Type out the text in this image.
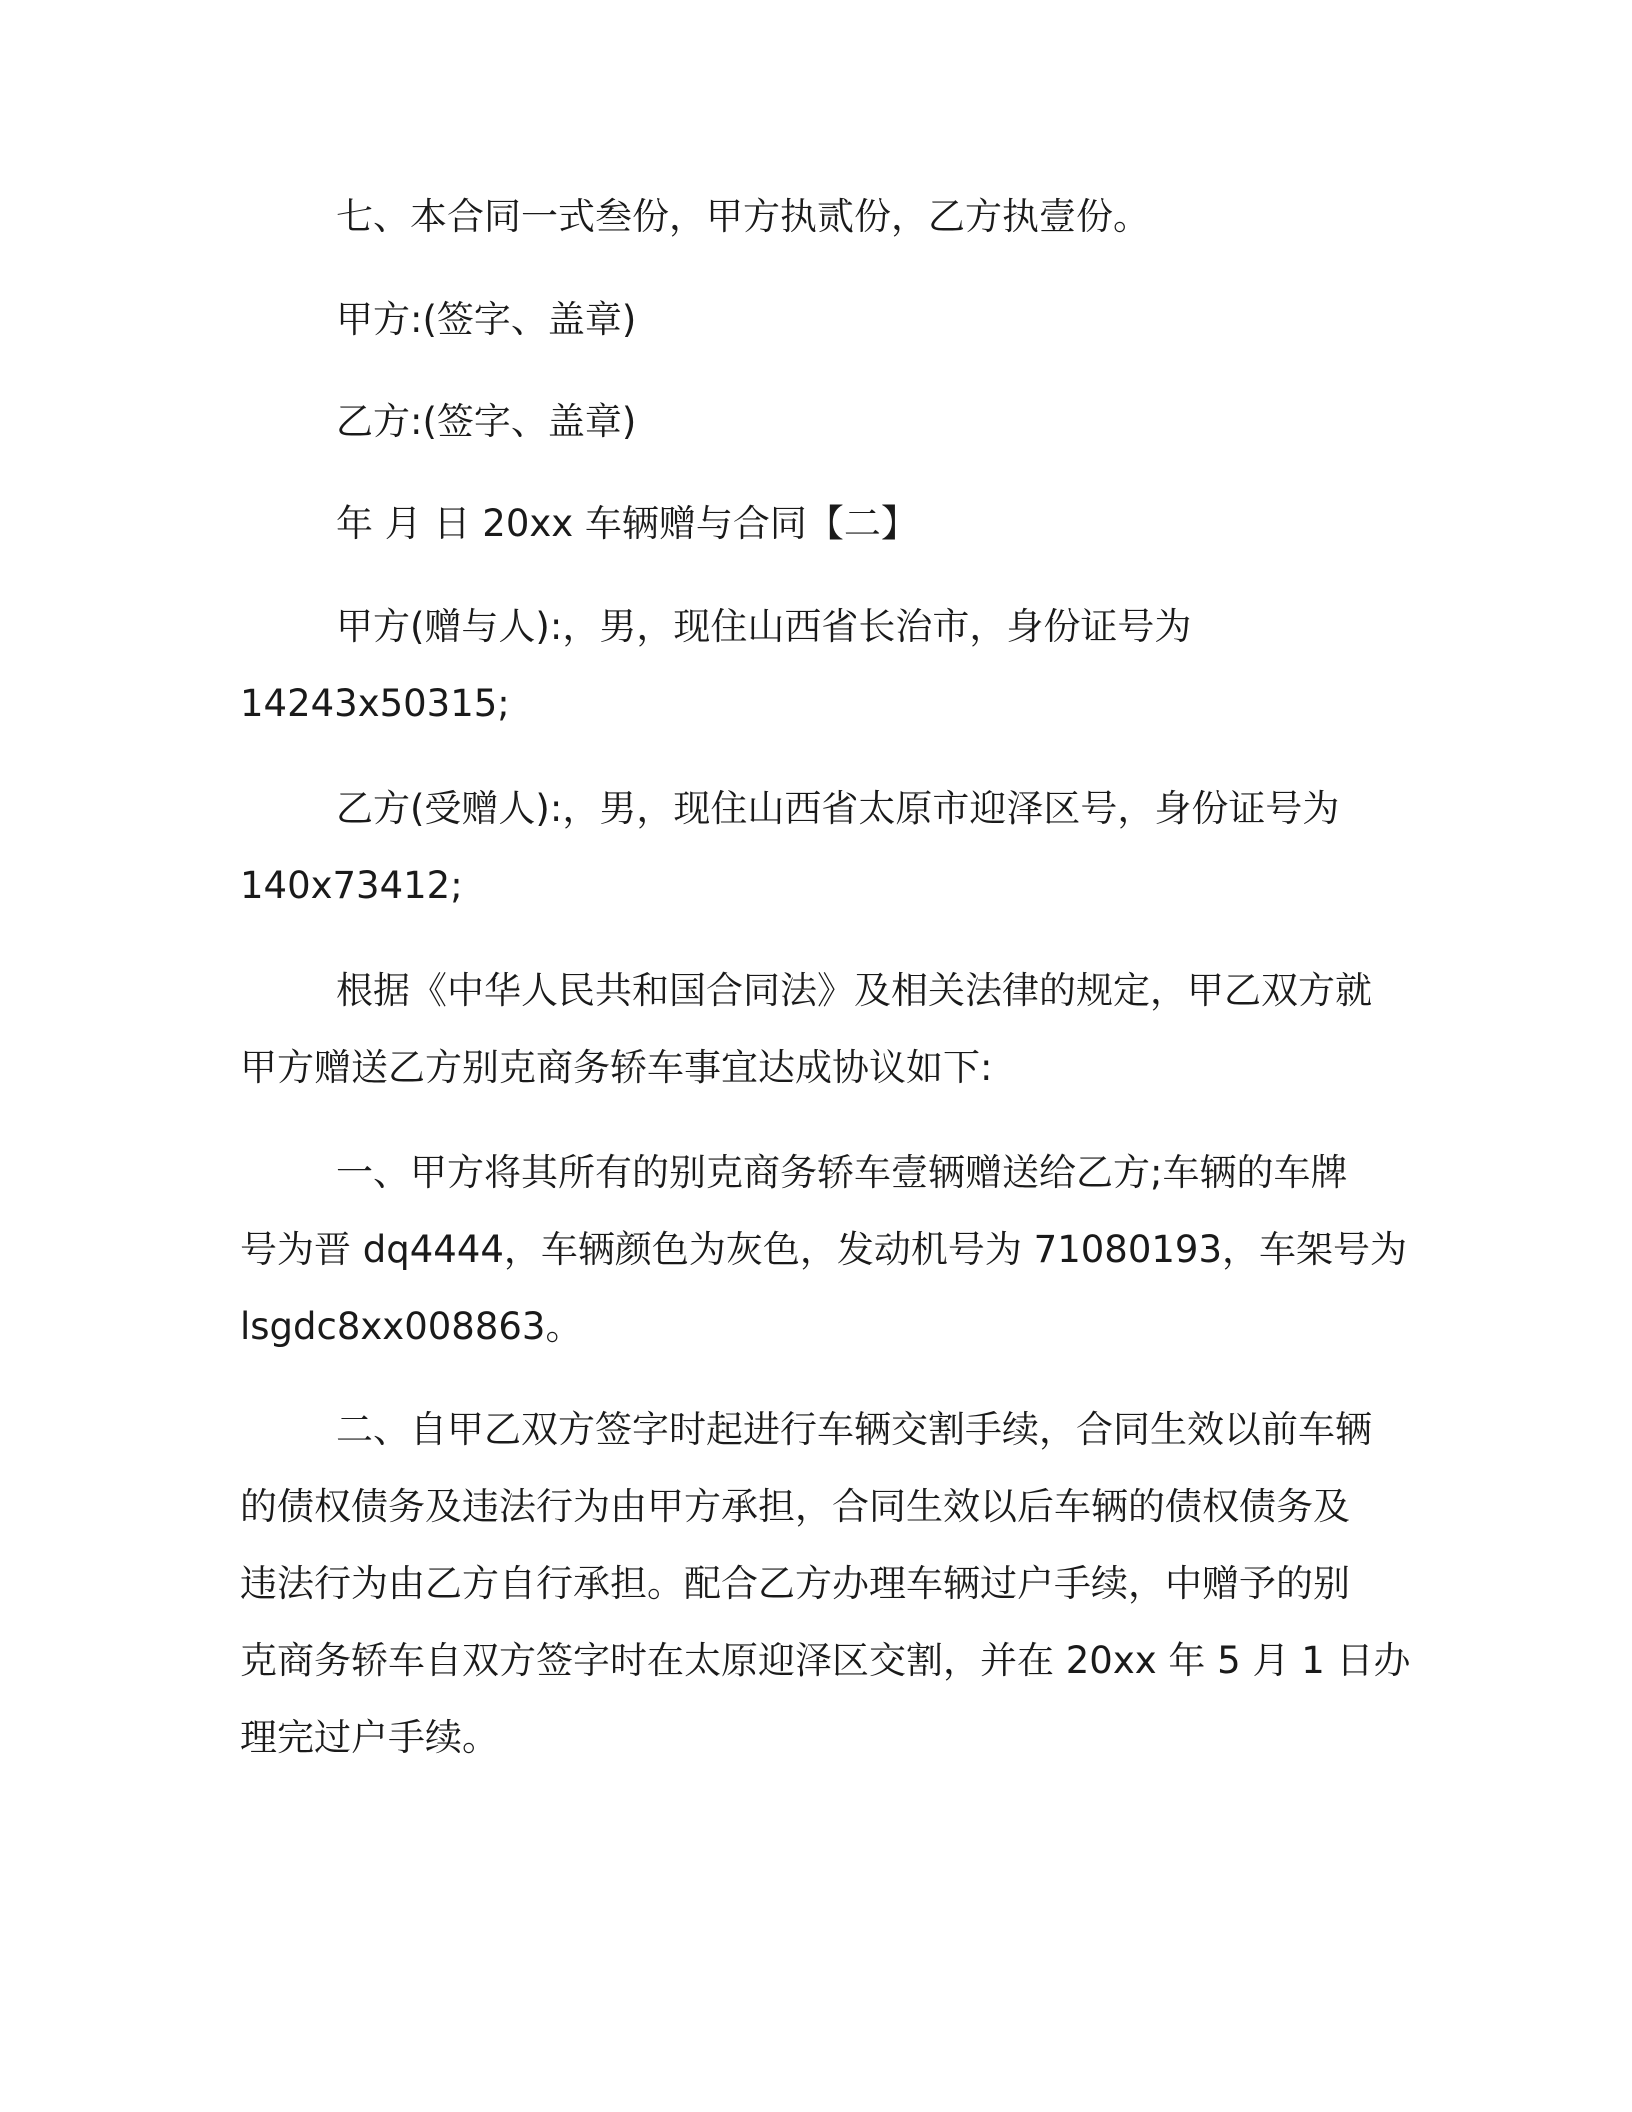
七、本合同一式叁份，甲方执贰份，乙方执壹份。

甲方:(签字、盖章)

乙方:(签字、盖章)

年 月 日 20xx 车辆赠与合同【二】

甲方(赠与人):，男，现住山西省长治市，身份证号为
14243x50315;

乙方(受赠人):，男，现住山西省太原市迎泽区号，身份证号为
140x73412;

根据《中华人民共和国合同法》及相关法律的规定，甲乙双方就
甲方赠送乙方别克商务轿车事宜达成协议如下:

一、甲方将其所有的别克商务轿车壹辆赠送给乙方;车辆的车牌
号为晋 dq4444，车辆颜色为灰色，发动机号为 71080193，车架号为
lsgdc8xx008863。

二、自甲乙双方签字时起进行车辆交割手续，合同生效以前车辆
的债权债务及违法行为由甲方承担，合同生效以后车辆的债权债务及
违法行为由乙方自行承担。配合乙方办理车辆过户手续，中赠予的别
克商务轿车自双方签字时在太原迎泽区交割，并在 20xx 年 5 月 1 日办
理完过户手续。
